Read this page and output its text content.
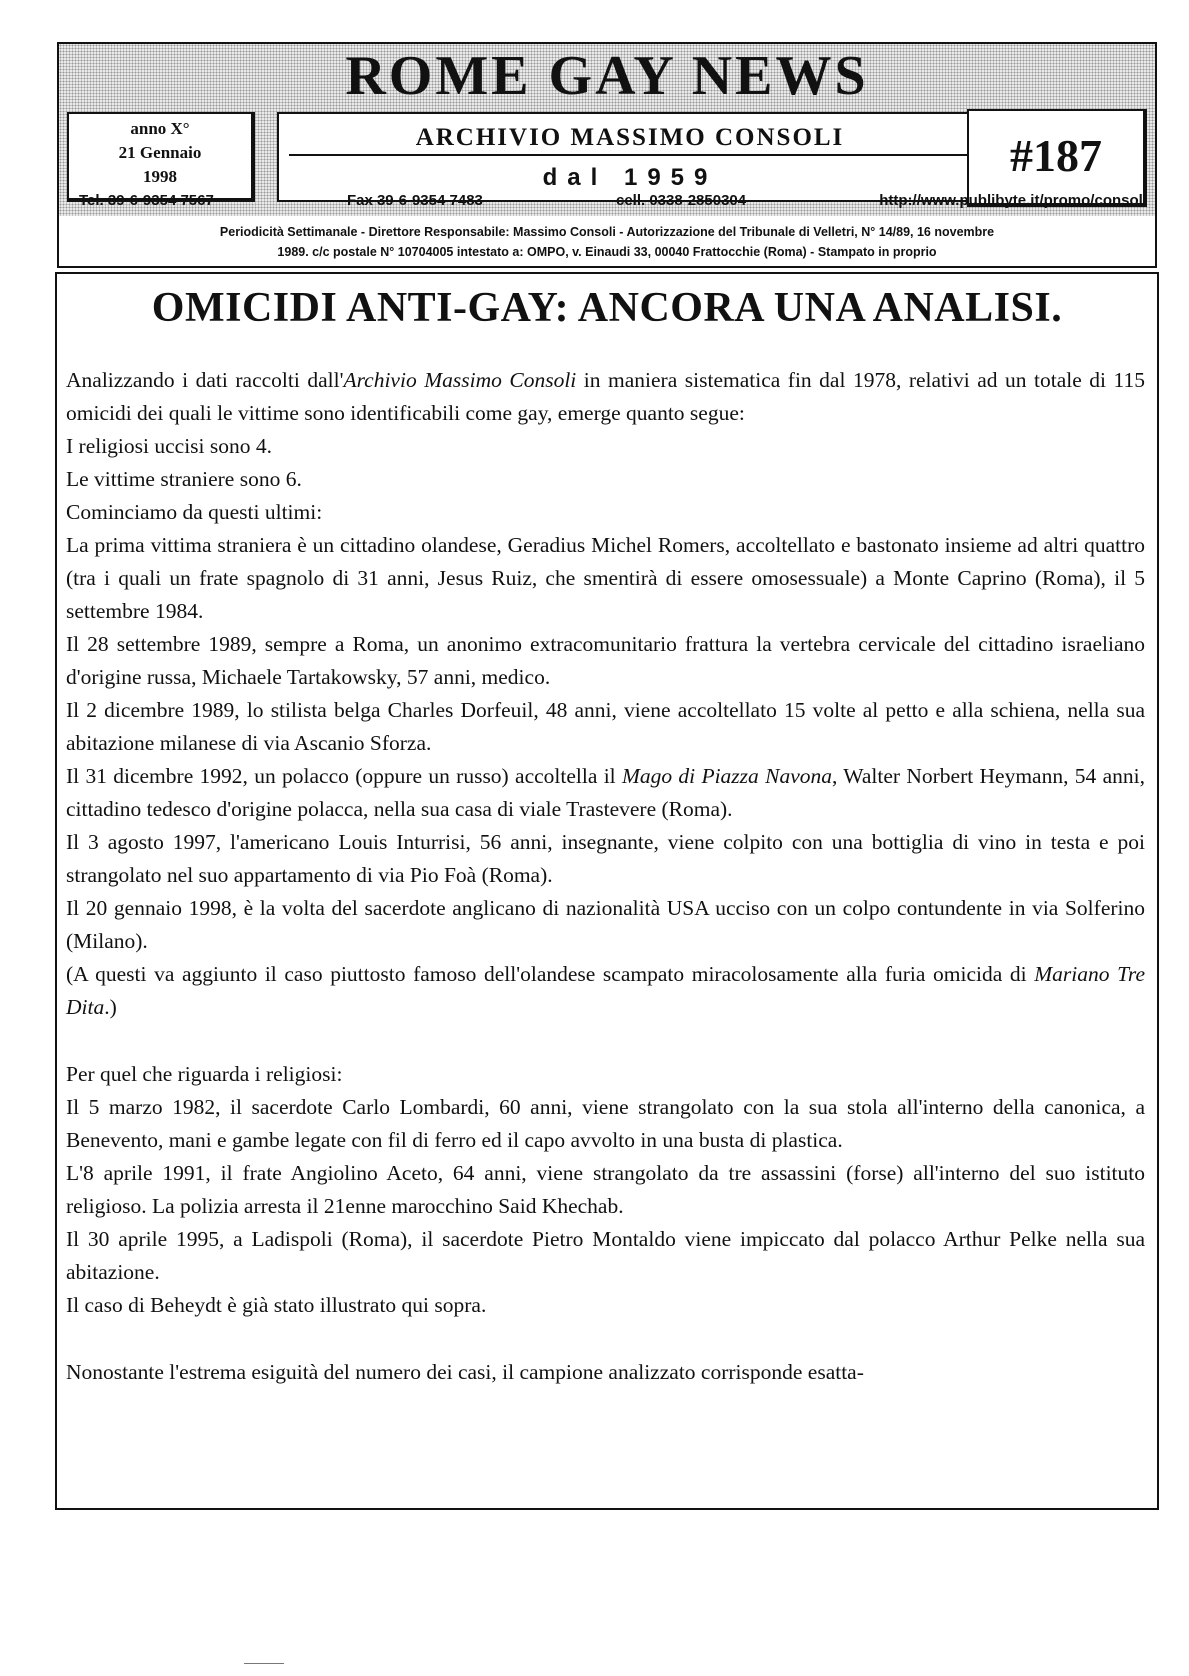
ROME GAY NEWS
anno X°
21 Gennaio
1998
ARCHIVIO MASSIMO CONSOLI
dal 1959	#187
Tel. 39-6-9354 7567	Fax 39-6-9354 7483	cell. 0338-2850304	http://www.publibyte.it/promo/consoli
Periodicità Settimanale - Direttore Responsabile: Massimo Consoli - Autorizzazione del Tribunale di Velletri, N° 14/89, 16 novembre
1989. c/c postale N° 10704005 intestato a: OMPO, v. Einaudi 33, 00040 Frattocchie (Roma) - Stampato in proprio
OMICIDI ANTI-GAY: ANCORA UNA ANALISI.

Analizzando i dati raccolti dall'Archivio Massimo Consoli in maniera sistematica fin dal 1978, relativi ad un totale di 115 omicidi dei quali le vittime sono identificabili come gay, emerge quanto segue:

I religiosi uccisi sono 4.

Le vittime straniere sono 6.

Cominciamo da questi ultimi:

La prima vittima straniera è un cittadino olandese, Geradius Michel Romers, accoltellato e bastonato insieme ad altri quattro (tra i quali un frate spagnolo di 31 anni, Jesus Ruiz, che smentirà di essere omosessuale) a Monte Caprino (Roma), il 5 settembre 1984.

Il 28 settembre 1989, sempre a Roma, un anonimo extracomunitario frattura la vertebra cervicale del cittadino israeliano d'origine russa, Michaele Tartakowsky, 57 anni, medico.

Il 2 dicembre 1989, lo stilista belga Charles Dorfeuil, 48 anni, viene accoltellato 15 volte al petto e alla schiena, nella sua abitazione milanese di via Ascanio Sforza.

Il 31 dicembre 1992, un polacco (oppure un russo) accoltella il Mago di Piazza Navona, Walter Norbert Heymann, 54 anni, cittadino tedesco d'origine polacca, nella sua casa di viale Trastevere (Roma).

Il 3 agosto 1997, l'americano Louis Inturrisi, 56 anni, insegnante, viene colpito con una bottiglia di vino in testa e poi strangolato nel suo appartamento di via Pio Foà (Roma).

Il 20 gennaio 1998, è la volta del sacerdote anglicano di nazionalità USA ucciso con un colpo contundente in via Solferino (Milano).

(A questi va aggiunto il caso piuttosto famoso dell'olandese scampato miracolosamente alla furia omicida di Mariano Tre Dita.)

Per quel che riguarda i religiosi:

Il 5 marzo 1982, il sacerdote Carlo Lombardi, 60 anni, viene strangolato con la sua stola all'interno della canonica, a Benevento, mani e gambe legate con fil di ferro ed il capo avvolto in una busta di plastica.

L'8 aprile 1991, il frate Angiolino Aceto, 64 anni, viene strangolato da tre assassini (forse) all'interno del suo istituto religioso. La polizia arresta il 21enne marocchino Said Khechab.

Il 30 aprile 1995, a Ladispoli (Roma), il sacerdote Pietro Montaldo viene impiccato dal polacco Arthur Pelke nella sua abitazione.

Il caso di Beheydt è già stato illustrato qui sopra.

Nonostante l'estrema esiguità del numero dei casi, il campione analizzato corrisponde esatta-
